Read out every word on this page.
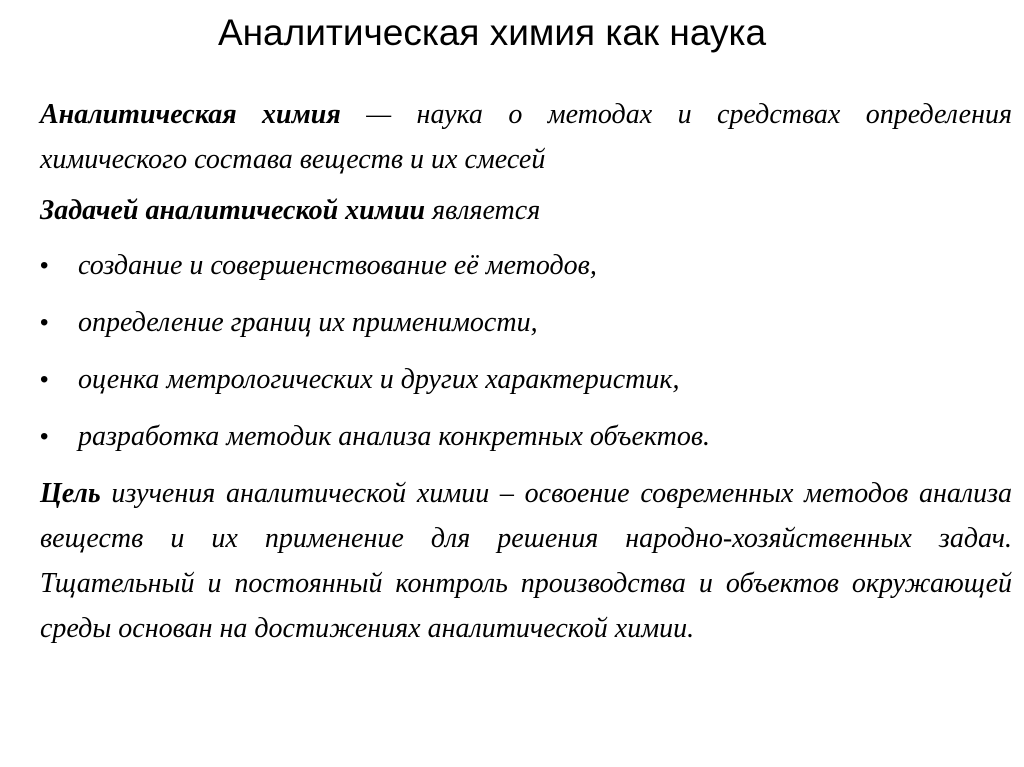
Аналитическая химия как наука

Аналитическая химия — наука о методах и средствах определения химического состава веществ и их смесей

Задачей аналитической химии является

• создание и совершенствование её методов,
• определение границ их применимости,
• оценка метрологических и других характеристик,
• разработка методик анализа конкретных объектов.

Цель изучения аналитической химии – освоение современных методов анализа веществ и их применение для решения народно-хозяйственных задач. Тщательный и постоянный контроль производства и объектов окружающей среды основан на достижениях аналитической химии.
